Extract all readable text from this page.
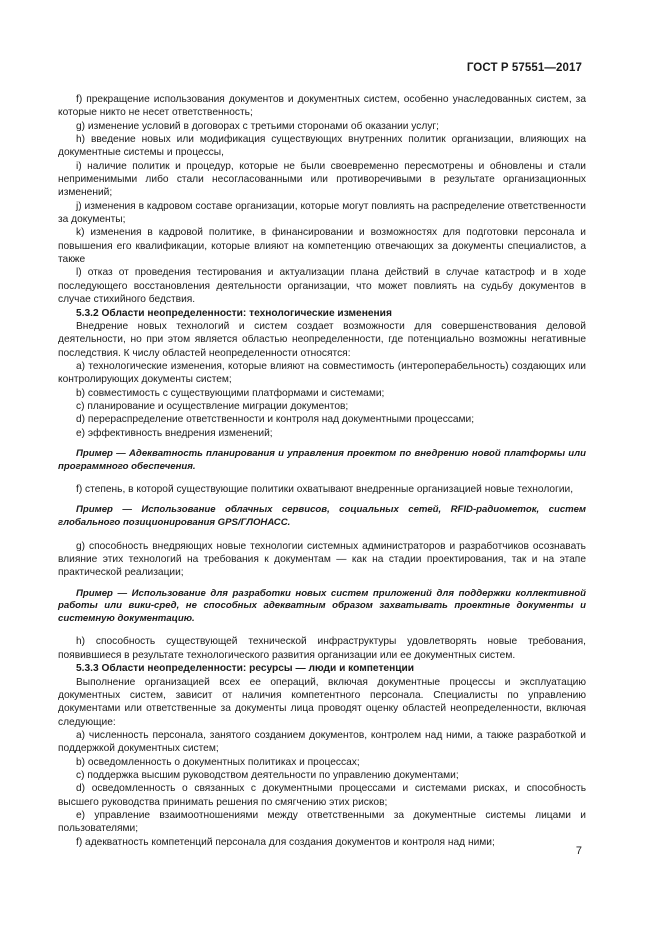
ГОСТ Р 57551—2017

f) прекращение использования документов и документных систем, особенно унаследованных систем, за которые никто не несет ответственность;

g) изменение условий в договорах с третьими сторонами об оказании услуг;

h) введение новых или модификация существующих внутренних политик организации, влияющих на документные системы и процессы,

i) наличие политик и процедур, которые не были своевременно пересмотрены и обновлены и стали неприменимыми либо стали несогласованными или противоречивыми в результате организационных изменений;

j) изменения в кадровом составе организации, которые могут повлиять на распределение ответственности за документы;

k) изменения в кадровой политике, в финансировании и возможностях для подготовки персонала и повышения его квалификации, которые влияют на компетенцию отвечающих за документы специалистов, а также

l) отказ от проведения тестирования и актуализации плана действий в случае катастроф и в ходе последующего восстановления деятельности организации, что может повлиять на судьбу документов в случае стихийного бедствия.

5.3.2 Области неопределенности: технологические изменения

Внедрение новых технологий и систем создает возможности для совершенствования деловой деятельности, но при этом является областью неопределенности, где потенциально возможны негативные последствия. К числу областей неопределенности относятся:

a) технологические изменения, которые влияют на совместимость (интероперабельность) создающих или контролирующих документы систем;

b) совместимость с существующими платформами и системами;

c) планирование и осуществление миграции документов;

d) перераспределение ответственности и контроля над документными процессами;

e) эффективность внедрения изменений;

Пример — Адекватность планирования и управления проектом по внедрению новой платформы или программного обеспечения.

f) степень, в которой существующие политики охватывают внедренные организацией новые технологии,

Пример — Использование облачных сервисов, социальных сетей, RFID-радиометок, систем глобального позиционирования GPS/ГЛОНАСС.

g) способность внедряющих новые технологии системных администраторов и разработчиков осознавать влияние этих технологий на требования к документам — как на стадии проектирования, так и на этапе практической реализации;

Пример — Использование для разработки новых систем приложений для поддержки коллективной работы или вики-сред, не способных адекватным образом захватывать проектные документы и системную документацию.

h) способность существующей технической инфраструктуры удовлетворять новые требования, появившиеся в результате технологического развития организации или ее документных систем.

5.3.3 Области неопределенности: ресурсы — люди и компетенции

Выполнение организацией всех ее операций, включая документные процессы и эксплуатацию документных систем, зависит от наличия компетентного персонала. Специалисты по управлению документами или ответственные за документы лица проводят оценку областей неопределенности, включая следующие:

a) численность персонала, занятого созданием документов, контролем над ними, а также разработкой и поддержкой документных систем;

b) осведомленность о документных политиках и процессах;

c) поддержка высшим руководством деятельности по управлению документами;

d) осведомленность о связанных с документными процессами и системами рисках, и способность высшего руководства принимать решения по смягчению этих рисков;

e) управление взаимоотношениями между ответственными за документные системы лицами и пользователями;

f) адекватность компетенций персонала для создания документов и контроля над ними;

7
